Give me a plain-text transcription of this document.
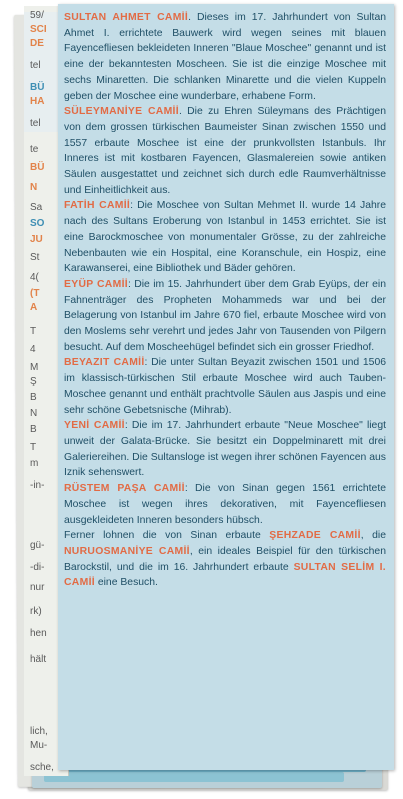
59/
SCI
DE
tel
BÜ
HA
tel
te
BÜ
N
Sa
SO
JU
St
4(
(T
A
T
4
M
Ş
B
N
B
T
m
-in-
gü-
-di-
nur
rk)
hen
hält
lich,
Mu-
sche,

SULTAN AHMET CAMİİ. Dieses im 17. Jahrhundert von Sultan Ahmet I. errichtete Bauwerk wird wegen seines mit blauen Fayencefliesen bekleideten Inneren "Blaue Moschee" genannt und ist eine der bekanntesten Moscheen. Sie ist die einzige Moschee mit sechs Minaretten. Die schlanken Minarette und die vielen Kuppeln geben der Moschee eine wunderbare, erhabene Form.

SÜLEYMANİYE CAMİİ. Die zu Ehren Süleymans des Prächtigen von dem grossen türkischen Baumeister Sinan zwischen 1550 und 1557 erbaute Moschee ist eine der prunkvollsten Istanbuls. Ihr Inneres ist mit kostbaren Fayencen, Glasmalereien sowie antiken Säulen ausgestattet und zeichnet sich durch edle Raumverhältnisse und Einheitlichkeit aus.

FATİH CAMİİ: Die Moschee von Sultan Mehmet II. wurde 14 Jahre nach des Sultans Eroberung von Istanbul in 1453 errichtet. Sie ist eine Barockmoschee von monumentaler Grösse, zu der zahlreiche Nebenbauten wie ein Hospital, eine Koranschule, ein Hospiz, eine Karawanserei, eine Bibliothek und Bäder gehören.

EYÜP CAMİİ: Die im 15. Jahrhundert über dem Grab Eyüps, der ein Fahnenträger des Propheten Mohammeds war und bei der Belagerung von Istanbul im Jahre 670 fiel, erbaute Moschee wird von den Moslems sehr verehrt und jedes Jahr von Tausenden von Pilgern besucht. Auf dem Moscheehügel befindet sich ein grosser Friedhof.

BEYAZIT CAMİİ: Die unter Sultan Beyazit zwischen 1501 und 1506 im klassisch-türkischen Stil erbaute Moschee wird auch Tauben-Moschee genannt und enthält prachtvolle Säulen aus Jaspis und eine sehr schöne Gebetsnische (Mihrab).

YENİ CAMİİ: Die im 17. Jahrhundert erbaute "Neue Moschee" liegt unweit der Galata-Brücke. Sie besitzt ein Doppelminarett mit drei Galeriereihen. Die Sultansloge ist wegen ihrer schönen Fayencen aus Iznik sehenswert.

RÜSTEM PAŞA CAMİİ: Die von Sinan gegen 1561 errichtete Moschee ist wegen ihres dekorativen, mit Fayencefliesen ausgekleideten Inneren besonders hübsch.

Ferner lohnen die von Sinan erbaute ŞEHZADE CAMİİ, die NURUOSMANİYE CAMİİ, ein ideales Beispiel für den türkischen Barockstil, und die im 16. Jahrhundert erbaute SULTAN SELİM I. CAMİİ eine Besuch.
